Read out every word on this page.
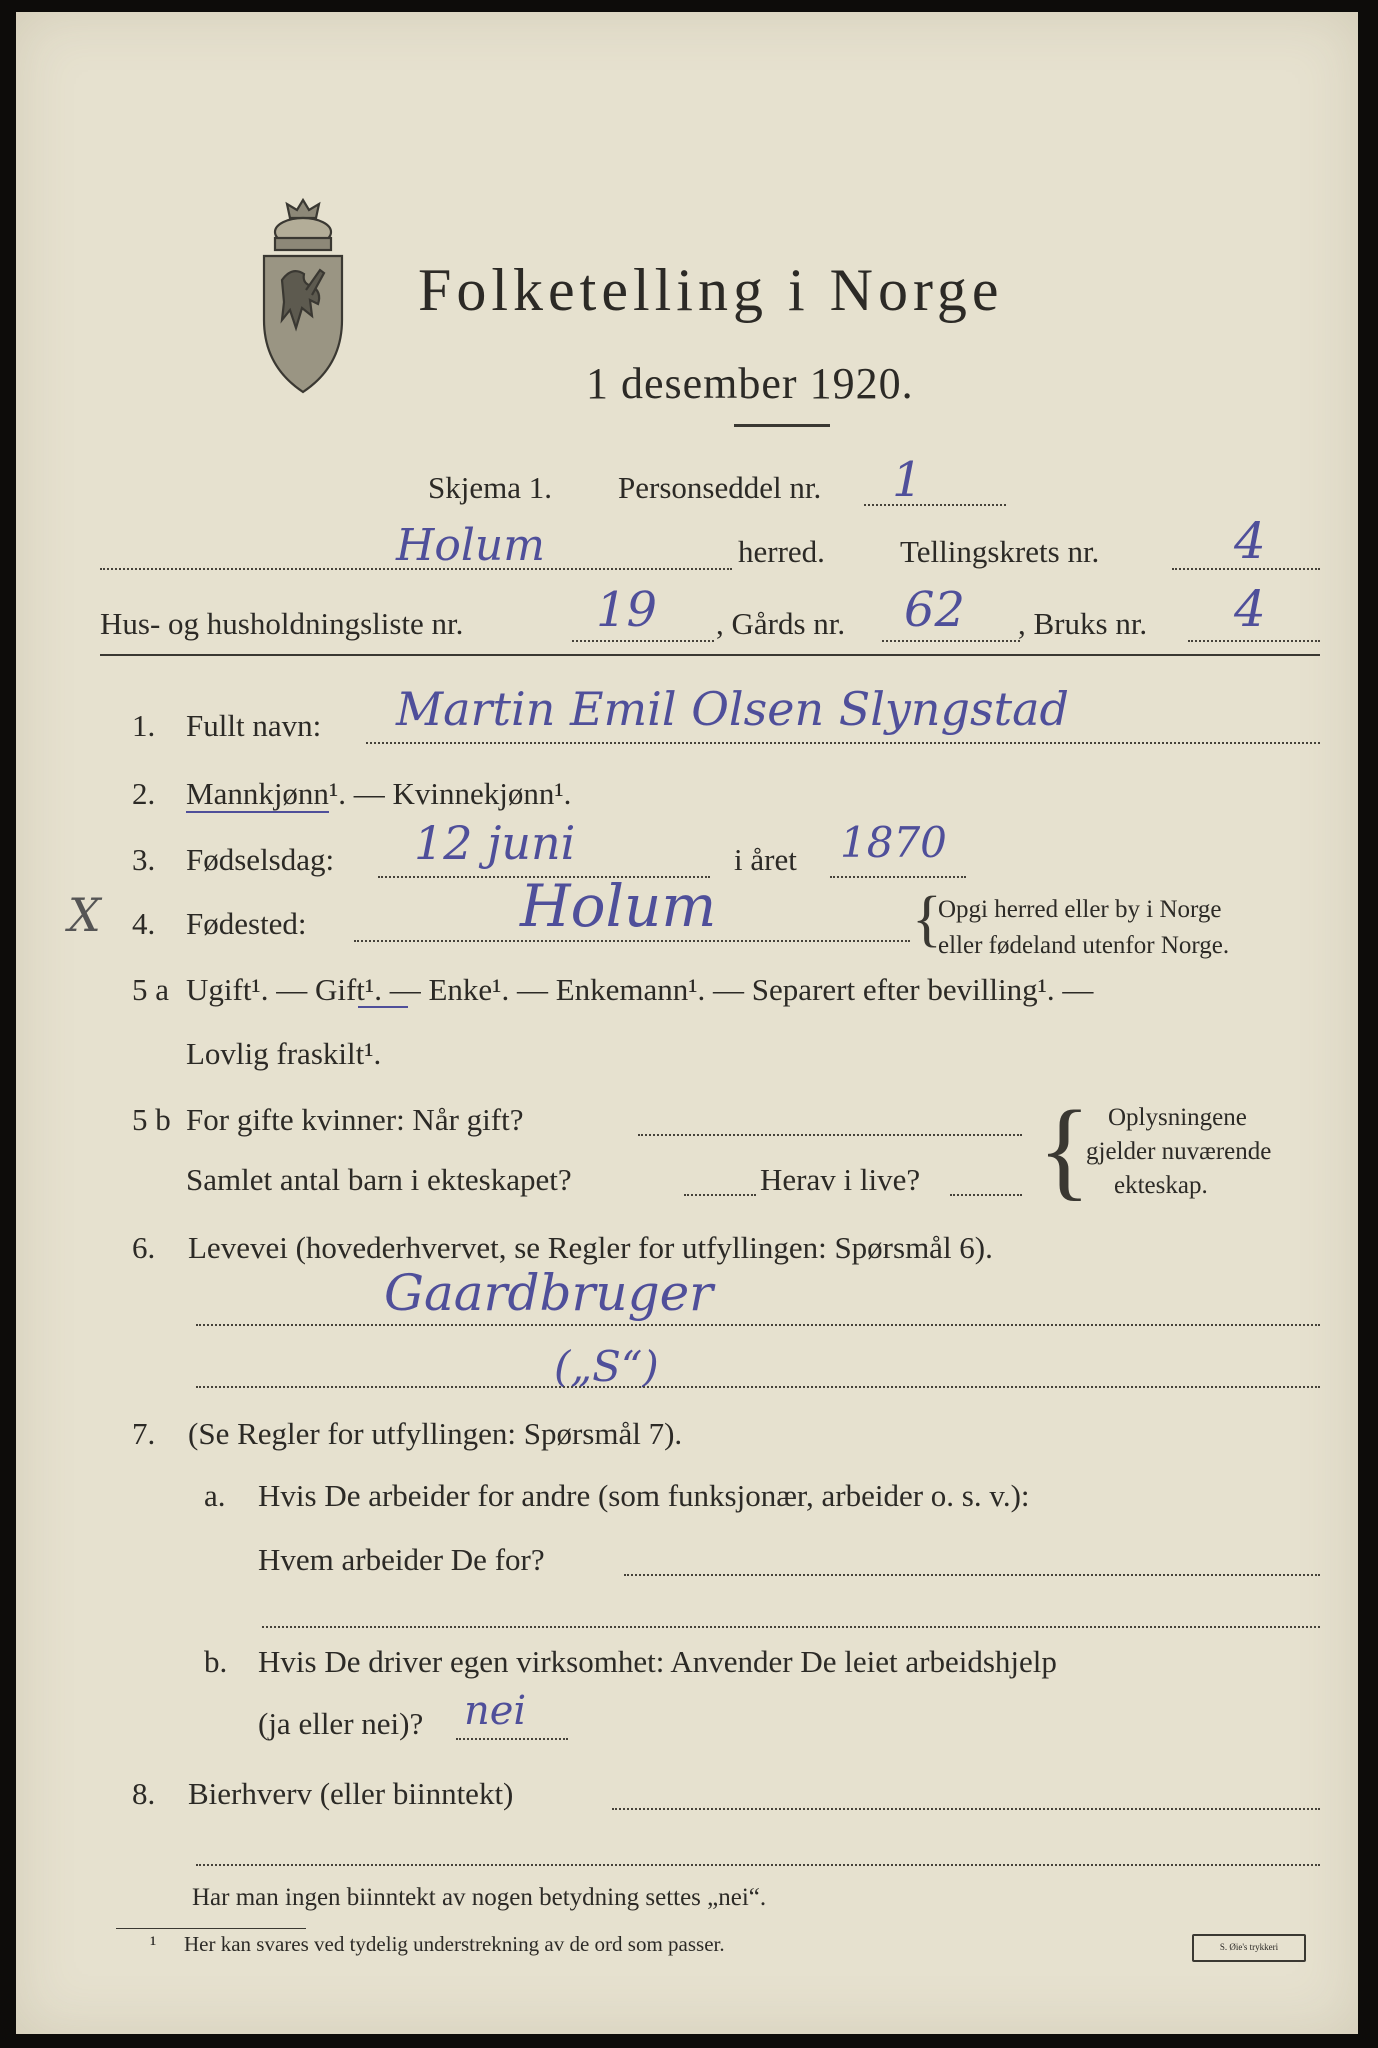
Folketelling i Norge
1 desember 1920.
Skjema 1. Personseddel nr. 1
Holum	herred. Tellingskrets nr.	4
Hus- og husholdningsliste nr.	19 , Gårds nr. 62 , Bruks nr. 4
1. Fullt navn: Martin Emil Olsen Slyngstad
2. Mannkjønn¹. — Kvinnekjønn¹.
3. Fødselsdag: 12 juni	i året 1870
X 4. Fødested:	Holum	{
Opgi herred eller by i Norge
eller fødeland utenfor Norge.
5 a Ugift¹. — Gift¹. — Enke¹. — Enkemann¹. — Separert efter bevilling¹. —
Lovlig fraskilt¹.
5 b For gifte kvinner: Når gift?
Samlet antal barn i ekteskapet?	Herav i live? { Oplysningene
gjelder nuværende
ekteskap.
6. Levevei (hovederhvervet, se Regler for utfyllingen: Spørsmål 6).
Gaardbruger
(„S“)
7. (Se Regler for utfyllingen: Spørsmål 7).
a. Hvis De arbeider for andre (som funksjonær, arbeider o. s. v.):
Hvem arbeider De for?
b. Hvis De driver egen virksomhet: Anvender De leiet arbeidshjelp
(ja eller nei)? nei
8. Bierhverv (eller biinntekt)
Har man ingen biinntekt av nogen betydning settes „nei“.
¹ Her kan svares ved tydelig understrekning av de ord som passer.	S. Øie's trykkeri
